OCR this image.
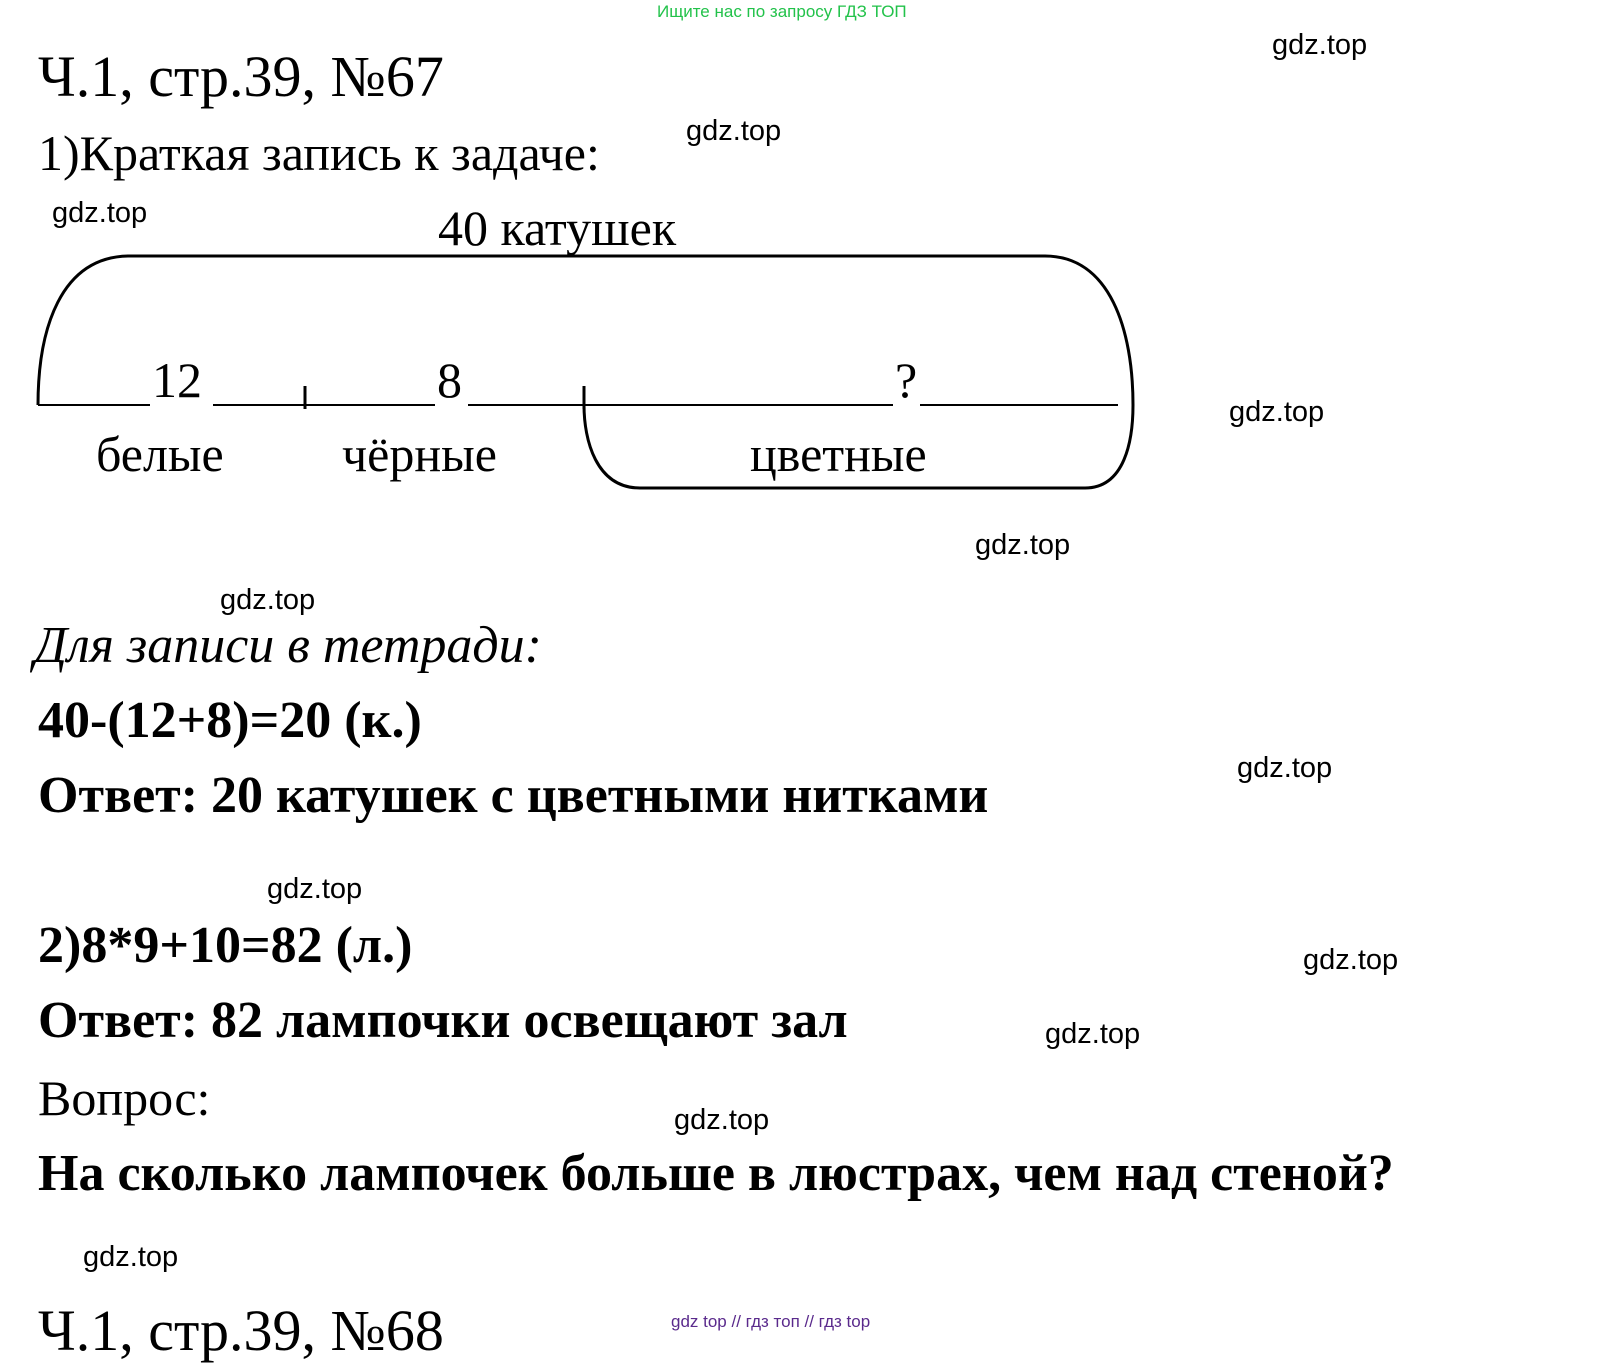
Ищите нас по запросу ГДЗ ТОП
Ч.1, стр.39, №67
1)Краткая запись к задаче:
40 катушек
12	8	?
белые чёрные	цветные
Для записи в тетради:
40-(12+8)=20 (к.)
Ответ: 20 катушек с цветными нитками
2)8*9+10=82 (л.)
Ответ: 82 лампочки освещают зал
Вопрос:
На сколько лампочек больше в люстрах, чем над стеной?
Ч.1, стр.39, №68
gdz.top
gdz.top
gdz.top
gdz.top
gdz.top
gdz.top
gdz.top
gdz.top
gdz.top
gdz.top
gdz.top
gdz.top
gdz top // гдз топ // гдз top
